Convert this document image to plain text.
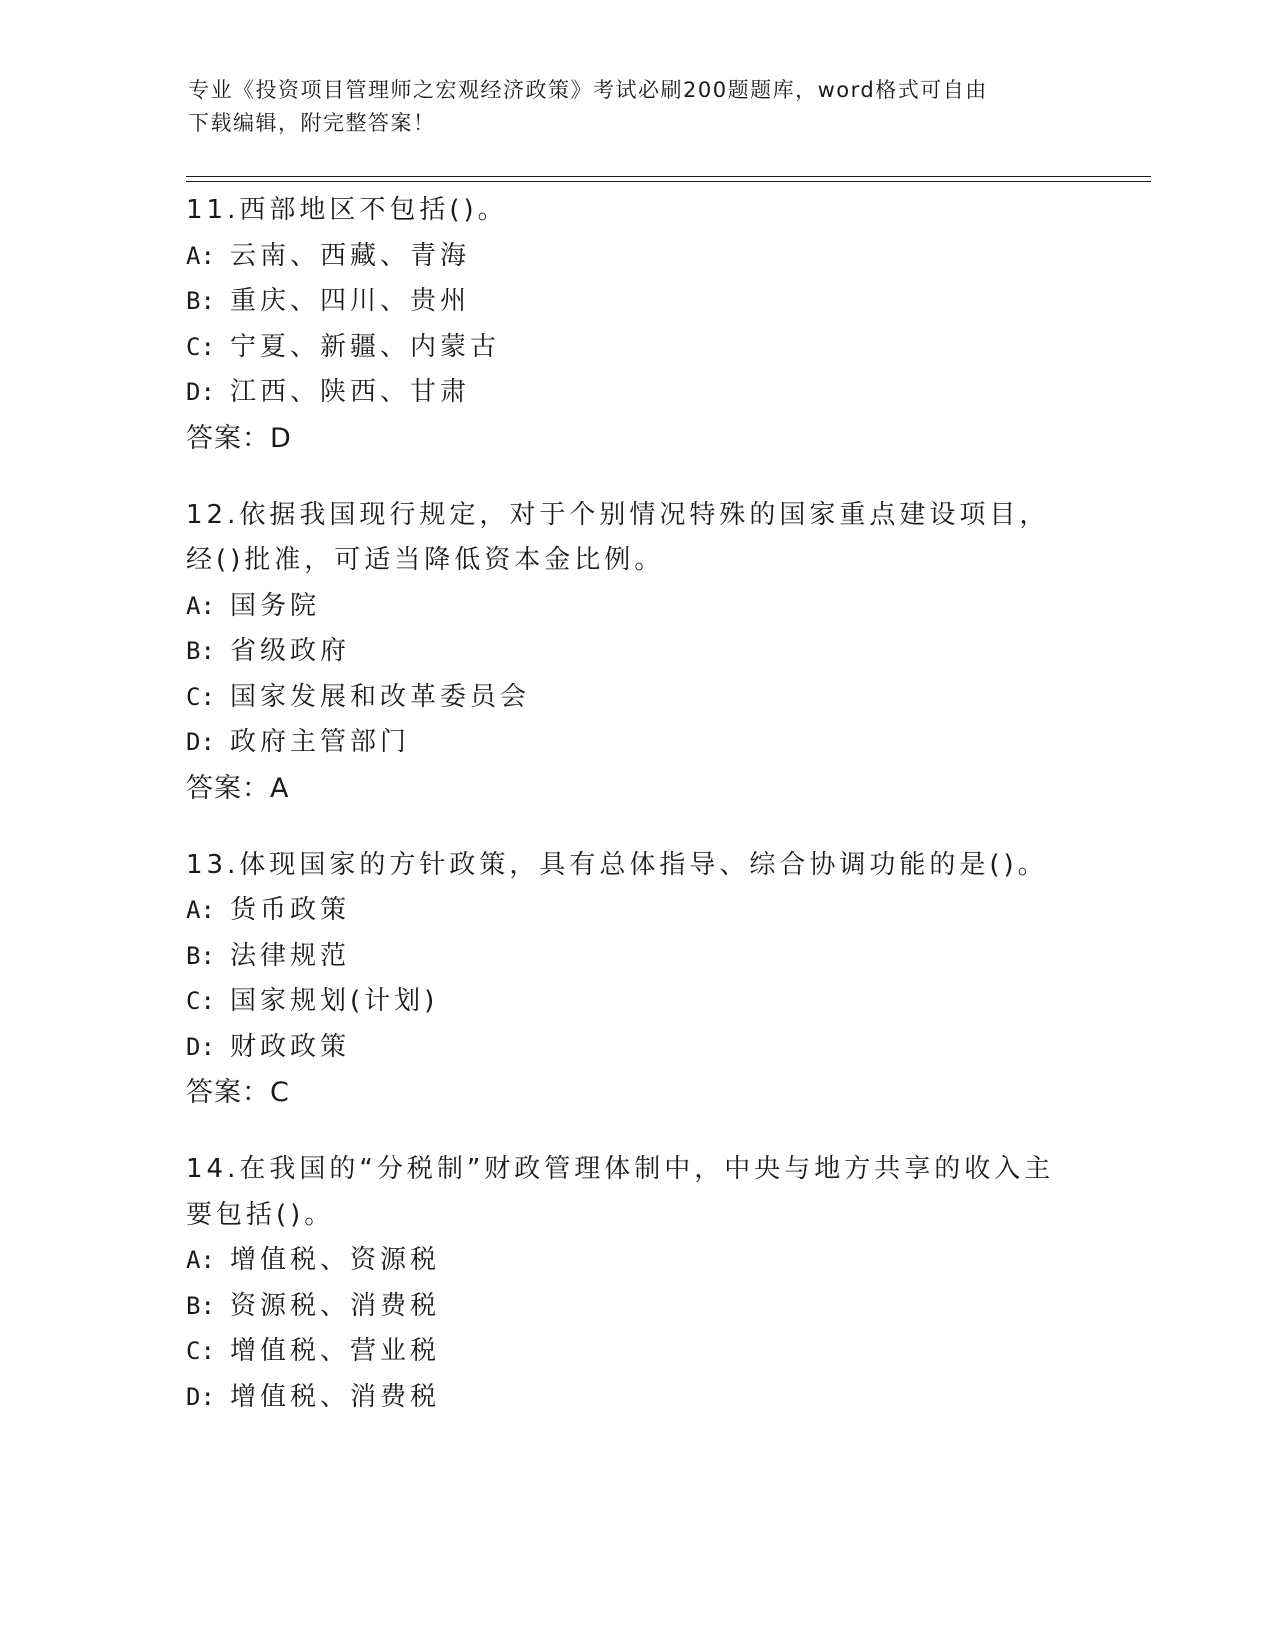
专业《投资项目管理师之宏观经济政策》考试必刷200题题库，word格式可自由
下载编辑，附完整答案！
11.西部地区不包括()。
A: 云南、西藏、青海
B: 重庆、四川、贵州
C: 宁夏、新疆、内蒙古
D: 江西、陕西、甘肃
答案：D
12.依据我国现行规定，对于个别情况特殊的国家重点建设项目，经()批准，可适当降低资本金比例。
A: 国务院
B: 省级政府
C: 国家发展和改革委员会
D: 政府主管部门
答案：A
13.体现国家的方针政策，具有总体指导、综合协调功能的是()。
A: 货币政策
B: 法律规范
C: 国家规划(计划)
D: 财政政策
答案：C
14.在我国的“分税制”财政管理体制中，中央与地方共享的收入主要包括()。
A: 增值税、资源税
B: 资源税、消费税
C: 增值税、营业税
D: 增值税、消费税
